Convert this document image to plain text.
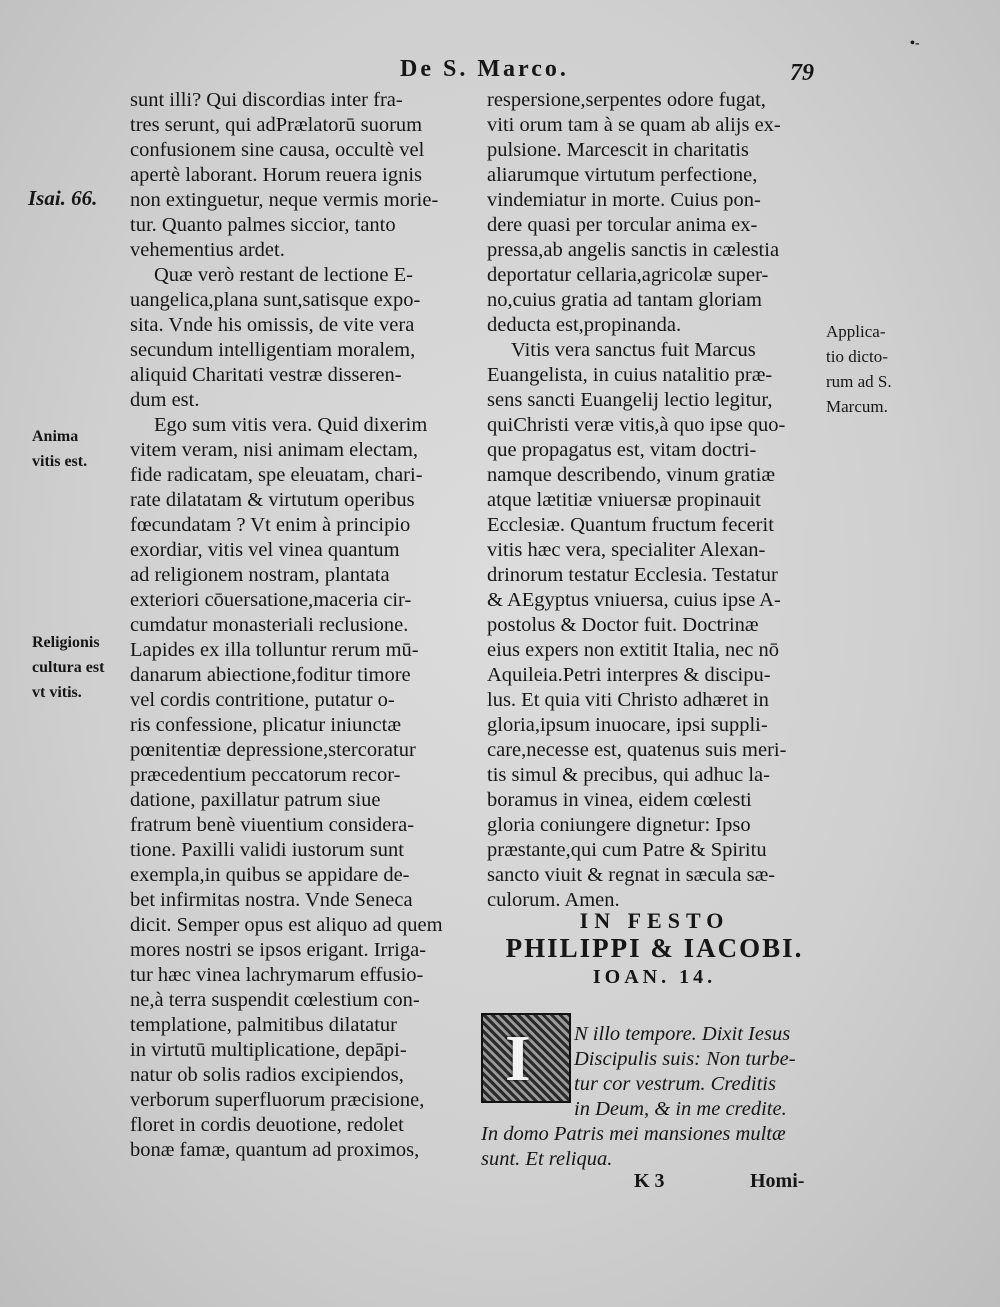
•-
De S. Marco.	79
Isai. 66.
Anima
vitis est.
Religionis
cultura est
vt vitis.
Applica-
tio dicto-
rum ad S.
Marcum.
sunt illi? Qui discordias inter fra-
tres serunt, qui adPrælatorū suorum
confusionem sine causa, occultè vel
apertè laborant. Horum reuera ignis
non extinguetur, neque vermis morie-
tur. Quanto palmes siccior, tanto
vehementius ardet.
Quæ verò restant de lectione E-
uangelica,plana sunt,satisque expo-
sita. Vnde his omissis, de vite vera
secundum intelligentiam moralem,
aliquid Charitati vestræ disseren-
dum est.
Ego sum vitis vera. Quid dixerim
vitem veram, nisi animam electam,
fide radicatam, spe eleuatam, chari-
rate dilatatam & virtutum operibus
fœcundatam ? Vt enim à principio
exordiar, vitis vel vinea quantum
ad religionem nostram, plantata
exteriori cōuersatione,maceria cir-
cumdatur monasteriali reclusione.
Lapides ex illa tolluntur rerum mū-
danarum abiectione,foditur timore
vel cordis contritione, putatur o-
ris confessione, plicatur iniunctæ
pœnitentiæ depressione,stercoratur
præcedentium peccatorum recor-
datione, paxillatur patrum siue
fratrum benè viuentium considera-
tione. Paxilli validi iustorum sunt
exempla,in quibus se appidare de-
bet infirmitas nostra. Vnde Seneca
dicit. Semper opus est aliquo ad quem
mores nostri se ipsos erigant. Irriga-
tur hæc vinea lachrymarum effusio-
ne,à terra suspendit cœlestium con-
templatione, palmitibus dilatatur
in virtutū multiplicatione, depāpi-
natur ob solis radios excipiendos,
verborum superfluorum præcisione,
floret in cordis deuotione, redolet
bonæ famæ, quantum ad proximos,
respersione,serpentes odore fugat,
viti orum tam à se quam ab alijs ex-
pulsione. Marcescit in charitatis
aliarumque virtutum perfectione,
vindemiatur in morte. Cuius pon-
dere quasi per torcular anima ex-
pressa,ab angelis sanctis in cælestia
deportatur cellaria,agricolæ super-
no,cuius gratia ad tantam gloriam
deducta est,propinanda.
Vitis vera sanctus fuit Marcus
Euangelista, in cuius natalitio præ-
sens sancti Euangelij lectio legitur,
quiChristi veræ vitis,à quo ipse quo-
que propagatus est, vitam doctri-
namque describendo, vinum gratiæ
atque lætitiæ vniuersæ propinauit
Ecclesiæ. Quantum fructum fecerit
vitis hæc vera, specialiter Alexan-
drinorum testatur Ecclesia. Testatur
& AEgyptus vniuersa, cuius ipse A-
postolus & Doctor fuit. Doctrinæ
eius expers non extitit Italia, nec nō
Aquileia.Petri interpres & discipu-
lus. Et quia viti Christo adhæret in
gloria,ipsum inuocare, ipsi suppli-
care,necesse est, quatenus suis meri-
tis simul & precibus, qui adhuc la-
boramus in vinea, eidem cœlesti
gloria coniungere dignetur: Ipso
præstante,qui cum Patre & Spiritu
sancto viuit & regnat in sæcula sæ-
culorum. Amen.
IN FESTO
PHILIPPI & IACOBI.
IOAN. 14.
I N illo tempore. Dixit Iesus
Discipulis suis: Non turbe-
tur cor vestrum. Creditis
in Deum, & in me credite.
In domo Patris mei mansiones multæ
sunt. Et reliqua.
K 3	Homi-
